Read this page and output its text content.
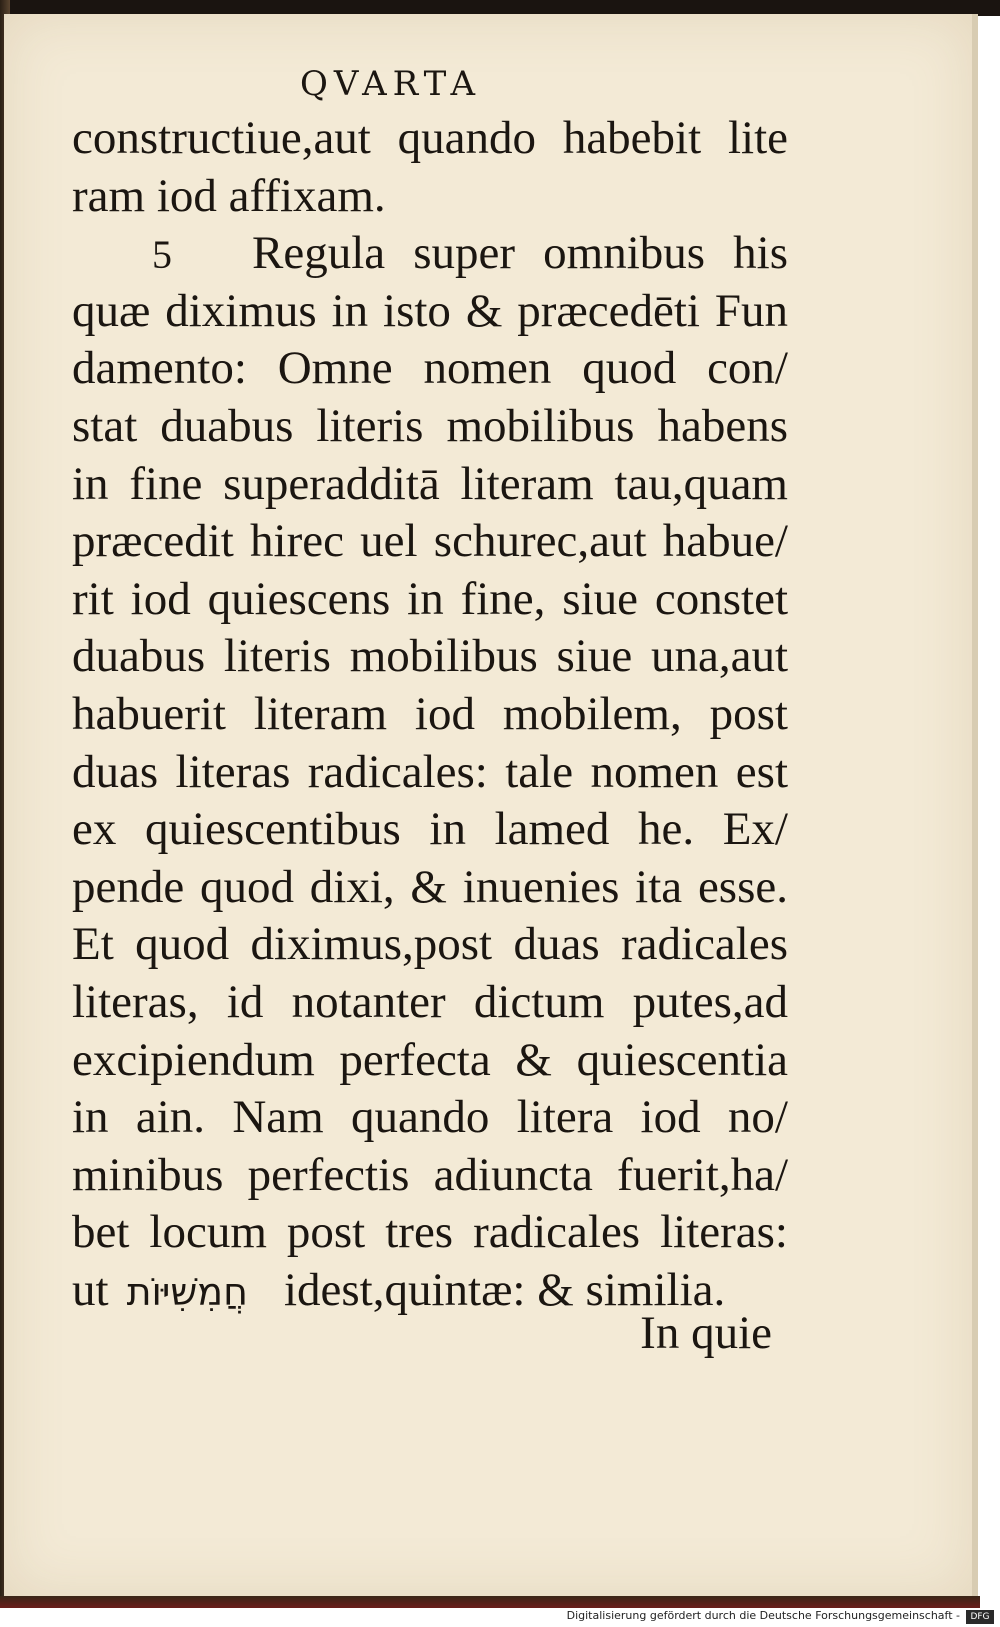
QVARTA
constructiue,aut quando habebit lite
ram iod affixam.
5 Regula super omnibus his
quæ diximus in isto & præcedēti Fun
damento: Omne nomen quod con/
stat duabus literis mobilibus habens
in fine superadditā literam tau,quam
præcedit hirec uel schurec,aut habue/
rit iod quiescens in fine, siue constet
duabus literis mobilibus siue una,aut
habuerit literam iod mobilem, post
duas literas radicales: tale nomen est
ex quiescentibus in lamed he. Ex/
pende quod dixi, & inuenies ita esse.
Et quod diximus,post duas radicales
literas, id notanter dictum putes,ad
excipiendum perfecta & quiescentia
in ain. Nam quando litera iod no/
minibus perfectis adiuncta fuerit,ha/
bet locum post tres radicales literas:
ut חֲמִשִׁיּוֹת idest,quintæ: & similia.
In quie
Digitalisierung gefördert durch die Deutsche Forschungsgemeinschaft -	DFG
